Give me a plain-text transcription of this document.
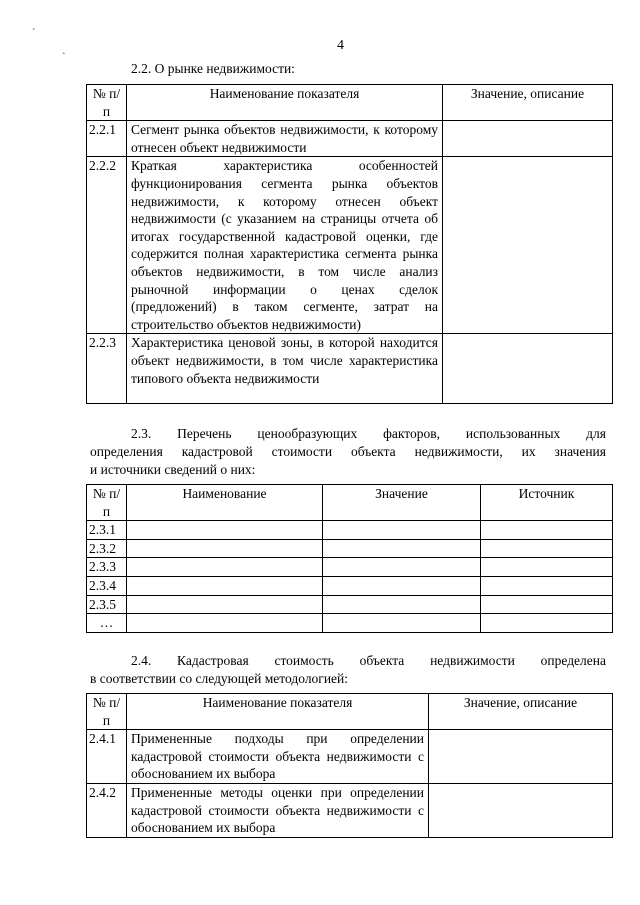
ˊ
˰	4
2.2. О рынке недвижимости:
№ п/п	Наименование показателя	Значение, описание
2.2.1	Сегмент рынка объектов недвижимости, к которому отнесен объект недвижимости	
2.2.2	Краткая характеристика особенностей функционирования сегмента рынка объектов недвижимости, к которому отнесен объект недвижимости (с указанием на страницы отчета об итогах государственной кадастровой оценки, где содержится полная характеристика сегмента рынка объектов недвижимости, в том числе анализ рыночной информации о ценах сделок (предложений) в таком сегменте, затрат на строительство объектов недвижимости)	
2.2.3	Характеристика ценовой зоны, в которой находится объект недвижимости, в том числе характеристика типового объекта недвижимости	
2.3. Перечень ценообразующих факторов, использованных для
определения кадастровой стоимости объекта недвижимости, их значения
и источники сведений о них:
№ п/п	Наименование	Значение	Источник
2.3.1			
2.3.2			
2.3.3			
2.3.4			
2.3.5			
…			
2.4. Кадастровая стоимость объекта недвижимости определена
в соответствии со следующей методологией:
№ п/п	Наименование показателя	Значение, описание
2.4.1	Примененные подходы при определении кадастровой стоимости объекта недвижимости с обоснованием их выбора	
2.4.2	Примененные методы оценки при определении кадастровой стоимости объекта недвижимости с обоснованием их выбора	
